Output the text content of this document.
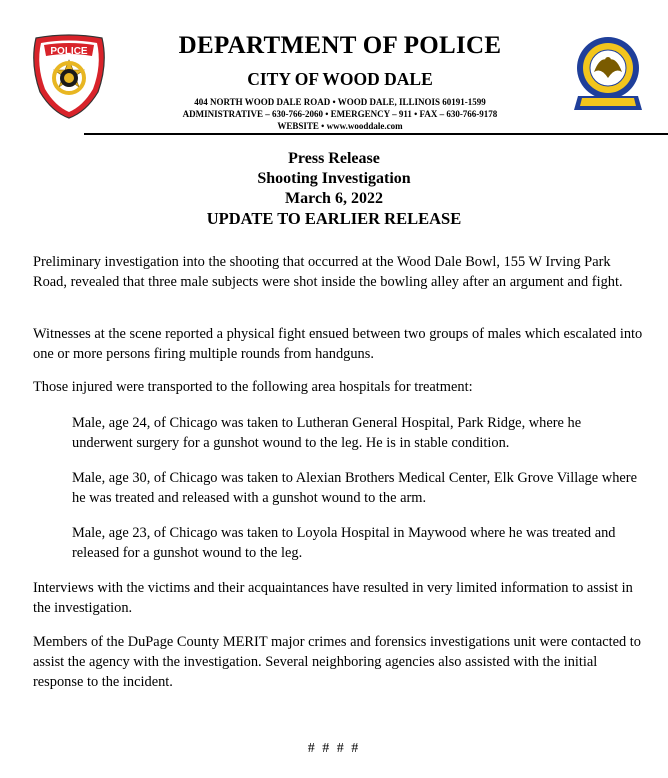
POLICE	DEPARTMENT OF POLICE
CITY OF WOOD DALE
404 NORTH WOOD DALE ROAD • WOOD DALE, ILLINOIS 60191-1599
ADMINISTRATIVE – 630-766-2060 • EMERGENCY – 911 • FAX – 630-766-9178
WEBSITE • www.wooddale.com
Press Release
Shooting Investigation
March 6, 2022
UPDATE TO EARLIER RELEASE

Preliminary investigation into the shooting that occurred at the Wood Dale Bowl, 155 W Irving Park Road, revealed that three male subjects were shot inside the bowling alley after an argument and fight.

Witnesses at the scene reported a physical fight ensued between two groups of males which escalated into one or more persons firing multiple rounds from handguns.

Those injured were transported to the following area hospitals for treatment:

Male, age 24, of Chicago was taken to Lutheran General Hospital, Park Ridge, where he underwent surgery for a gunshot wound to the leg. He is in stable condition.

Male, age 30, of Chicago was taken to Alexian Brothers Medical Center, Elk Grove Village where he was treated and released with a gunshot wound to the arm.

Male, age 23, of Chicago was taken to Loyola Hospital in Maywood where he was treated and released for a gunshot wound to the leg.

Interviews with the victims and their acquaintances have resulted in very limited information to assist in the investigation.

Members of the DuPage County MERIT major crimes and forensics investigations unit were contacted to assist the agency with the investigation. Several neighboring agencies also assisted with the initial response to the incident.

# # # #
